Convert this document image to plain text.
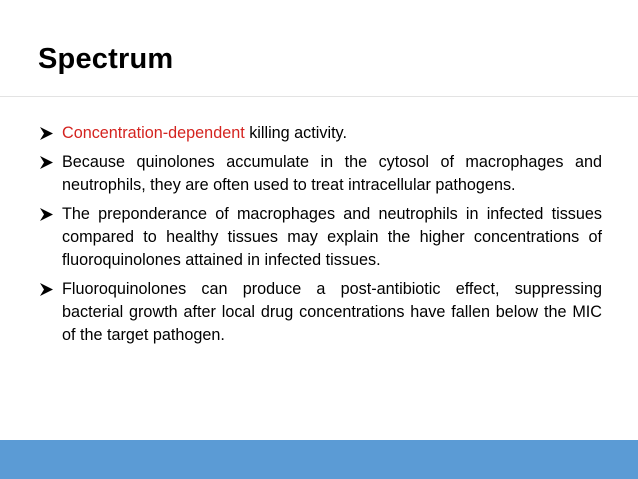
Spectrum
Concentration-dependent killing activity.
Because quinolones accumulate in the cytosol of macrophages and neutrophils, they are often used to treat intracellular pathogens.
The preponderance of macrophages and neutrophils in infected tissues compared to healthy tissues may explain the higher concentrations of fluoroquinolones attained in infected tissues.
Fluoroquinolones can produce a post-antibiotic effect, suppressing bacterial growth after local drug concentrations have fallen below the MIC of the target pathogen.
